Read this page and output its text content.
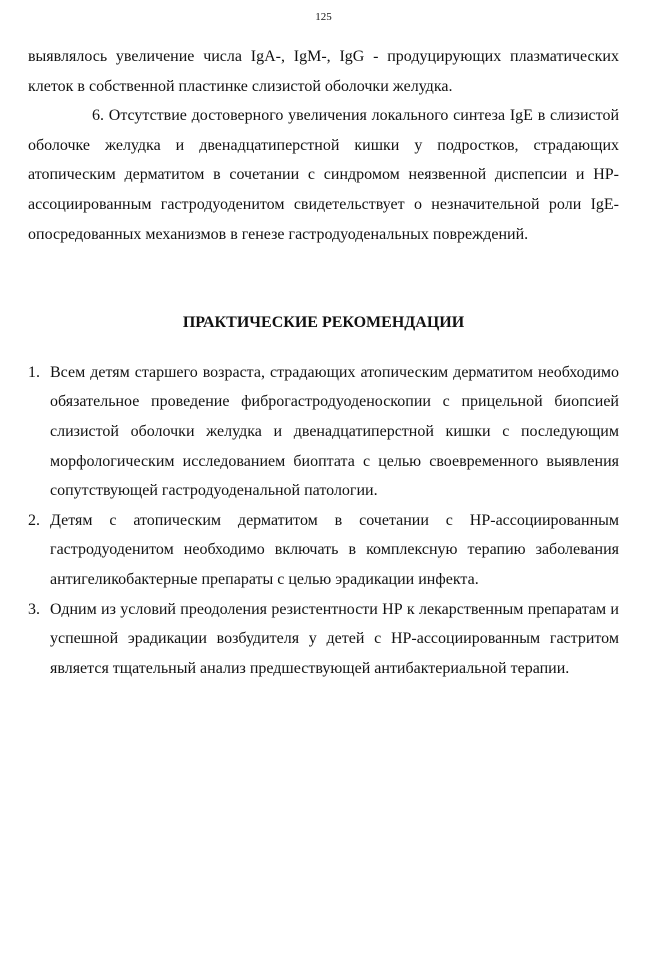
125

выявлялось увеличение числа IgA-, IgM-, IgG - продуцирующих плазматических клеток в собственной пластинке слизистой оболочки желудка.

6. Отсутствие достоверного увеличения локального синтеза IgE в слизистой оболочке желудка и двенадцатиперстной кишки у подростков, страдающих атопическим дерматитом в сочетании с синдромом неязвенной диспепсии и НР-ассоциированным гастродуоденитом свидетельствует о незначительной роли IgE-опосредованных механизмов в генезе гастродуоденальных повреждений.

ПРАКТИЧЕСКИЕ РЕКОМЕНДАЦИИ
1. Всем детям старшего возраста, страдающих атопическим дерматитом необходимо обязательное проведение фиброгастродуоденоскопии с прицельной биопсией слизистой оболочки желудка и двенадцатиперстной кишки с последующим морфологическим исследованием биоптата с целью своевременного выявления сопутствующей гастродуоденальной патологии.
2. Детям с атопическим дерматитом в сочетании с НР-ассоциированным гастродуоденитом необходимо включать в комплексную терапию заболевания антигеликобактерные препараты с целью эрадикации инфекта.
3. Одним из условий преодоления резистентности НР к лекарственным препаратам и успешной эрадикации возбудителя у детей с НР-ассоциированным гастритом является тщательный анализ предшествующей антибактериальной терапии.
